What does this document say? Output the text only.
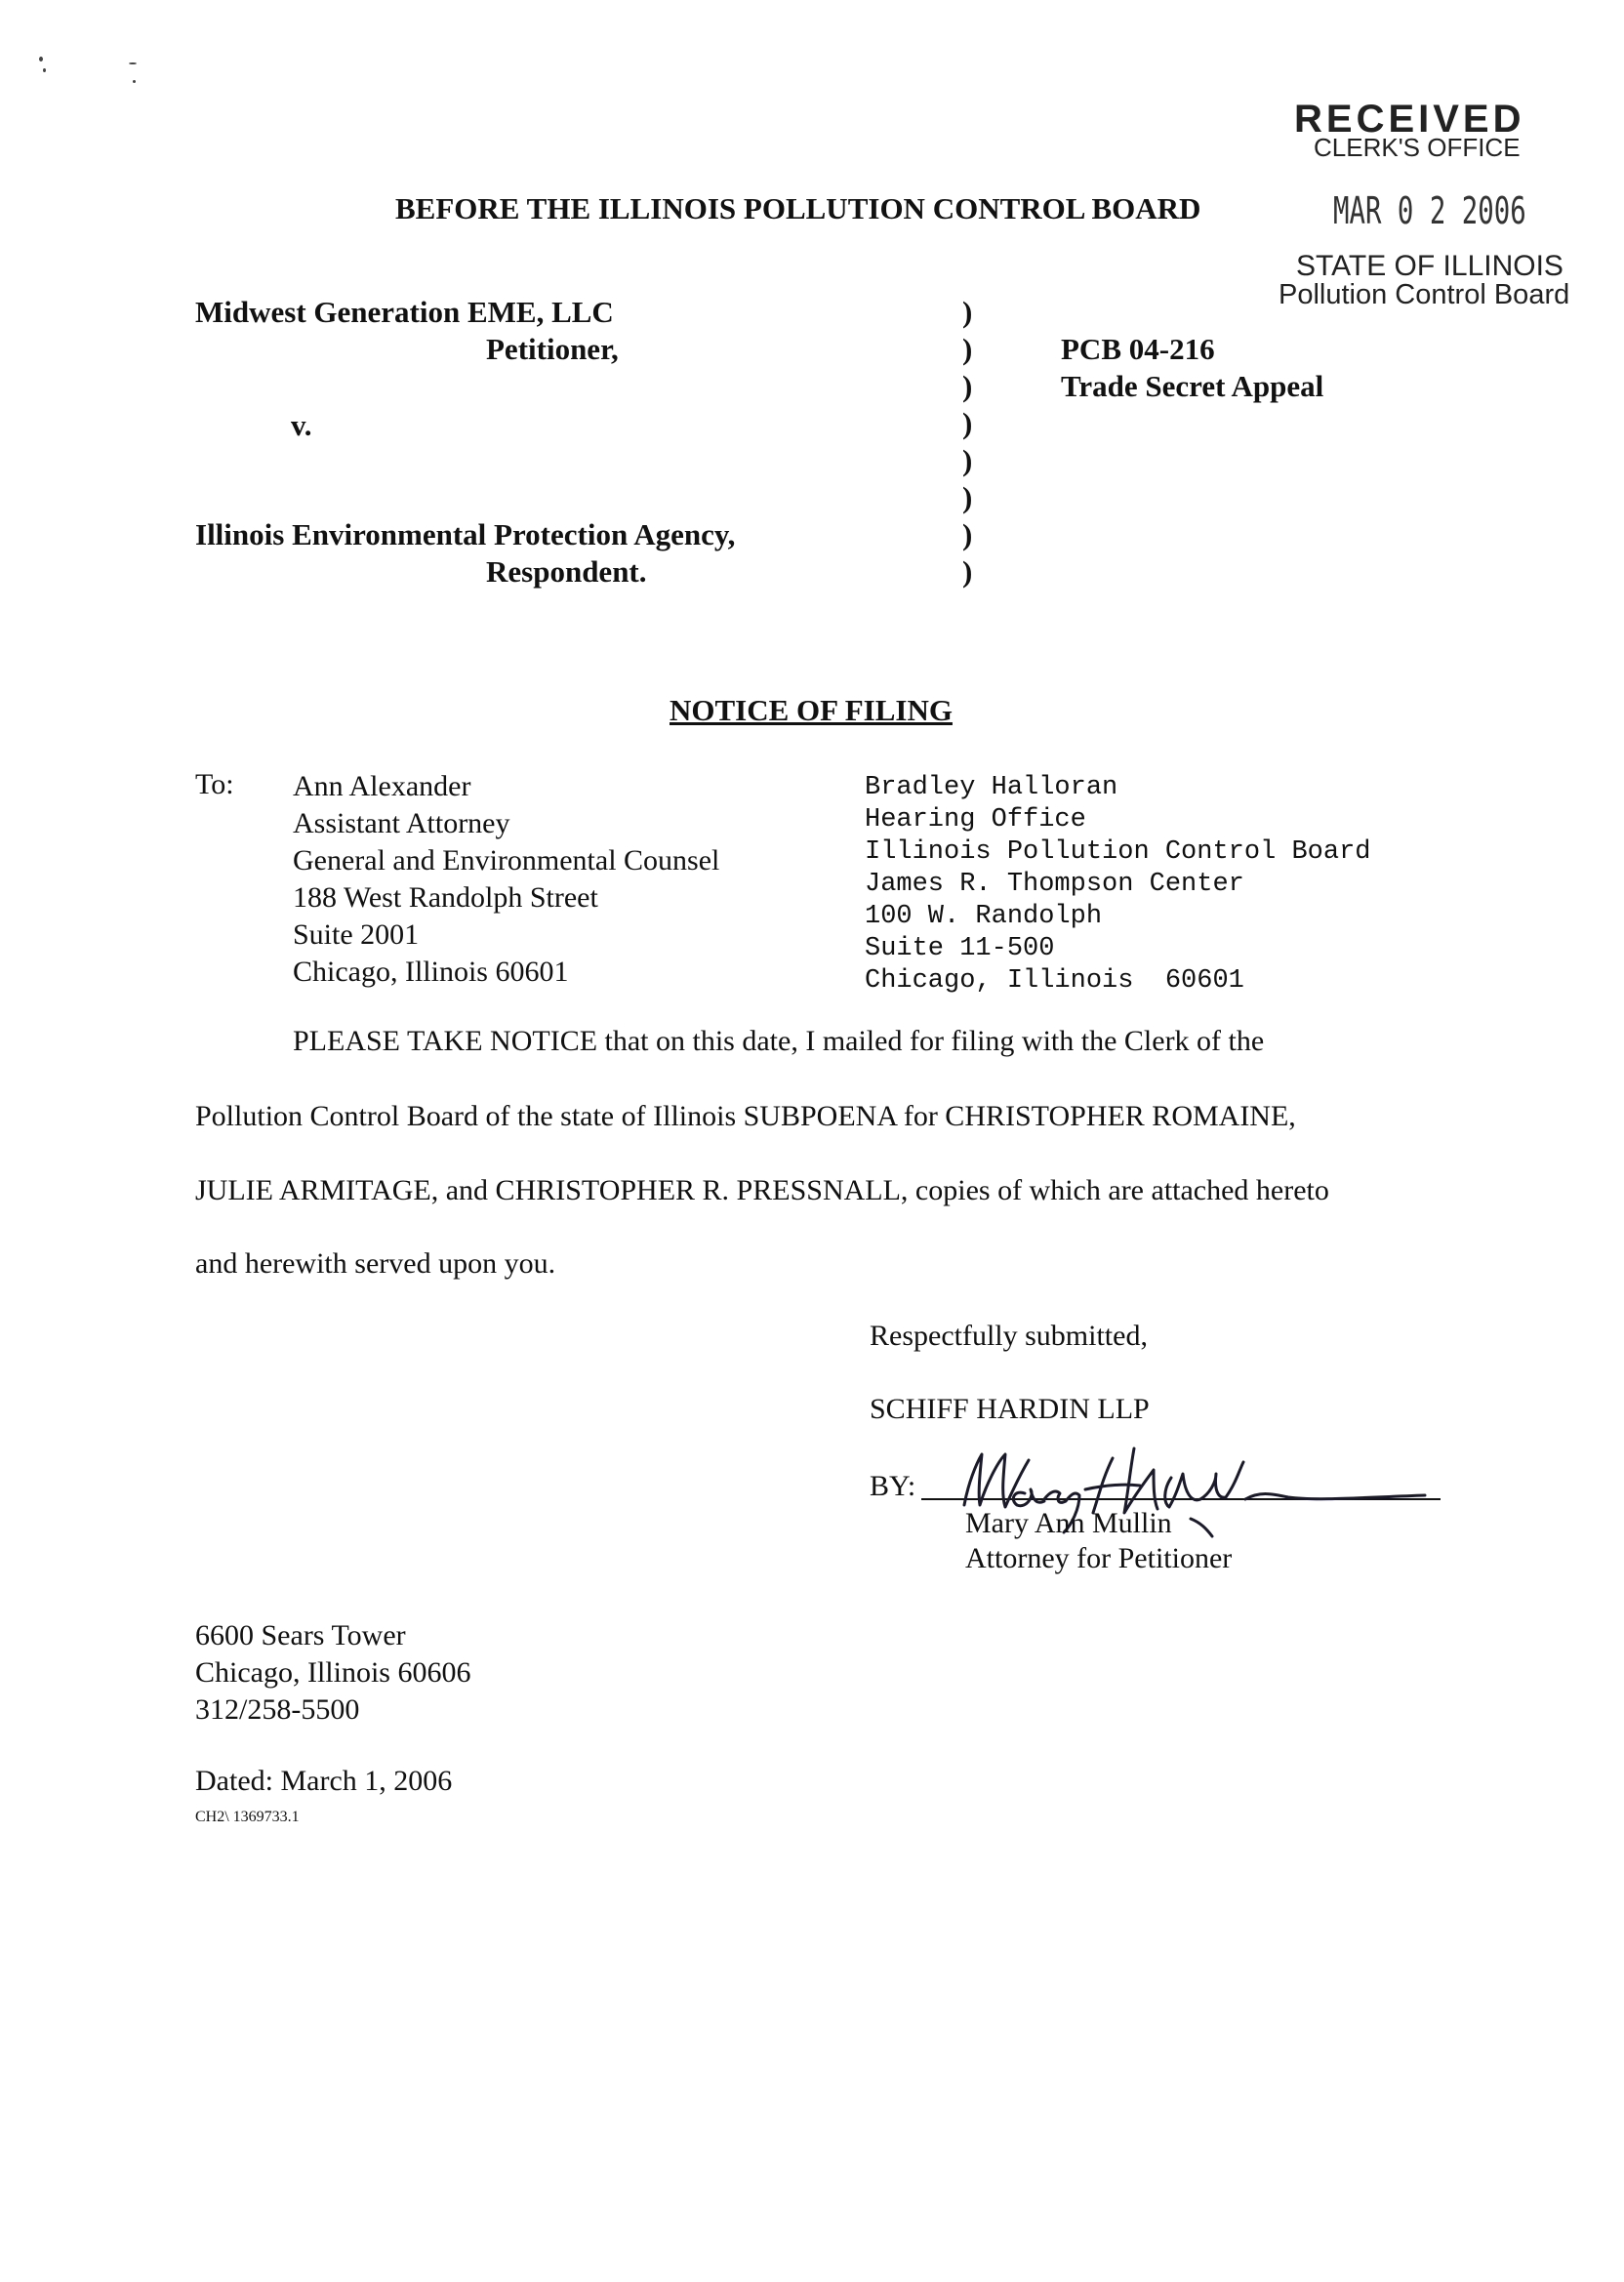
RECEIVED
CLERK'S OFFICE
MAR 0 2 2006
STATE OF ILLINOIS
Pollution Control Board
BEFORE THE ILLINOIS POLLUTION CONTROL BOARD
Midwest Generation EME, LLC
Petitioner,
v.
Illinois Environmental Protection Agency,
Respondent.
)
)
)
)
)
)
)
)
PCB 04-216
Trade Secret Appeal
NOTICE OF FILING
To: Ann Alexander
Assistant Attorney
General and Environmental Counsel
188 West Randolph Street
Suite 2001
Chicago, Illinois 60601
Bradley Halloran
Hearing Office
Illinois Pollution Control Board
James R. Thompson Center
100 W. Randolph
Suite 11-500
Chicago, Illinois  60601
PLEASE TAKE NOTICE that on this date, I mailed for filing with the Clerk of the
Pollution Control Board of the state of Illinois SUBPOENA for CHRISTOPHER ROMAINE,
JULIE ARMITAGE, and CHRISTOPHER R. PRESSNALL, copies of which are attached hereto
and herewith served upon you.
Respectfully submitted,
SCHIFF HARDIN LLP
BY:
Mary Ann Mullin
Attorney for Petitioner
6600 Sears Tower
Chicago, Illinois 60606
312/258-5500
Dated: March 1, 2006
CH2\ 1369733.1
